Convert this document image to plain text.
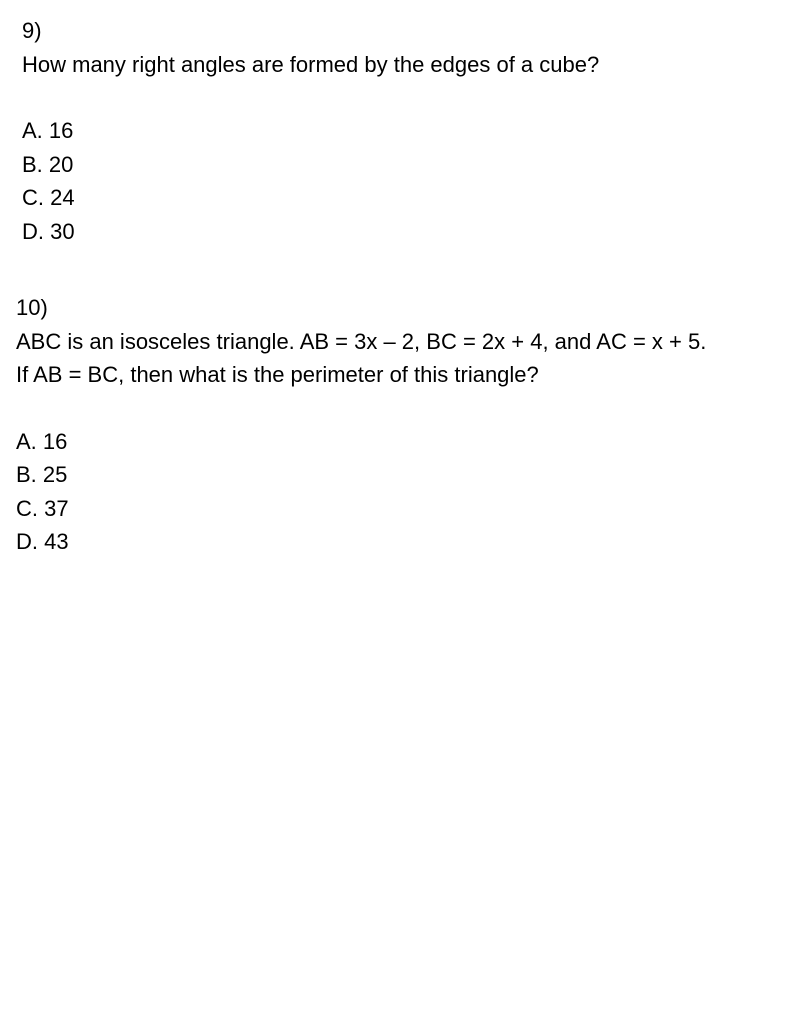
9)
How many right angles are formed by the edges of a cube?
A. 16
B. 20
C. 24
D. 30
10)
ABC is an isosceles triangle. AB = 3x – 2, BC = 2x + 4, and AC = x + 5.
If AB = BC, then what is the perimeter of this triangle?
A. 16
B. 25
C. 37
D. 43
